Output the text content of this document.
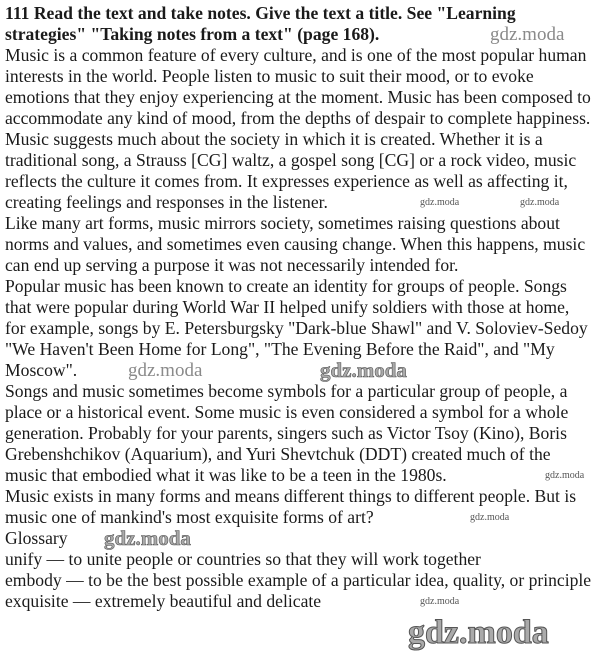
111 Read the text and take notes. Give the text a title. See "Learning
strategies" "Taking notes from a text" (page 168).
Music is a common feature of every culture, and is one of the most popular human
interests in the world. People listen to music to suit their mood, or to evoke
emotions that they enjoy experiencing at the moment. Music has been composed to
accommodate any kind of mood, from the depths of despair to complete happiness.
Music suggests much about the society in which it is created. Whether it is a
traditional song, a Strauss [CG] waltz, a gospel song [CG] or a rock video, music
reflects the culture it comes from. It expresses experience as well as affecting it,
creating feelings and responses in the listener.
Like many art forms, music mirrors society, sometimes raising questions about
norms and values, and sometimes even causing change. When this happens, music
can end up serving a purpose it was not necessarily intended for.
Popular music has been known to create an identity for groups of people. Songs
that were popular during World War II helped unify soldiers with those at home,
for example, songs by E. Petersburgsky "Dark-blue Shawl" and V. Soloviev-Sedoy
"We Haven't Been Home for Long", "The Evening Before the Raid", and "My
Moscow".
Songs and music sometimes become symbols for a particular group of people, a
place or a historical event. Some music is even considered a symbol for a whole
generation. Probably for your parents, singers such as Victor Tsoy (Kino), Boris
Grebenshchikov (Aquarium), and Yuri Shevtchuk (DDT) created much of the
music that embodied what it was like to be a teen in the 1980s.
Music exists in many forms and means different things to different people. But is
music one of mankind's most exquisite forms of art?
Glossary
unify — to unite people or countries so that they will work together
embody — to be the best possible example of a particular idea, quality, or principle
exquisite — extremely beautiful and delicate
gdz.moda
gdz.moda	gdz.moda
gdz.moda
gdz.moda
gdz.moda
gdz.moda	gdz.moda
gdz.moda
gdz.moda
